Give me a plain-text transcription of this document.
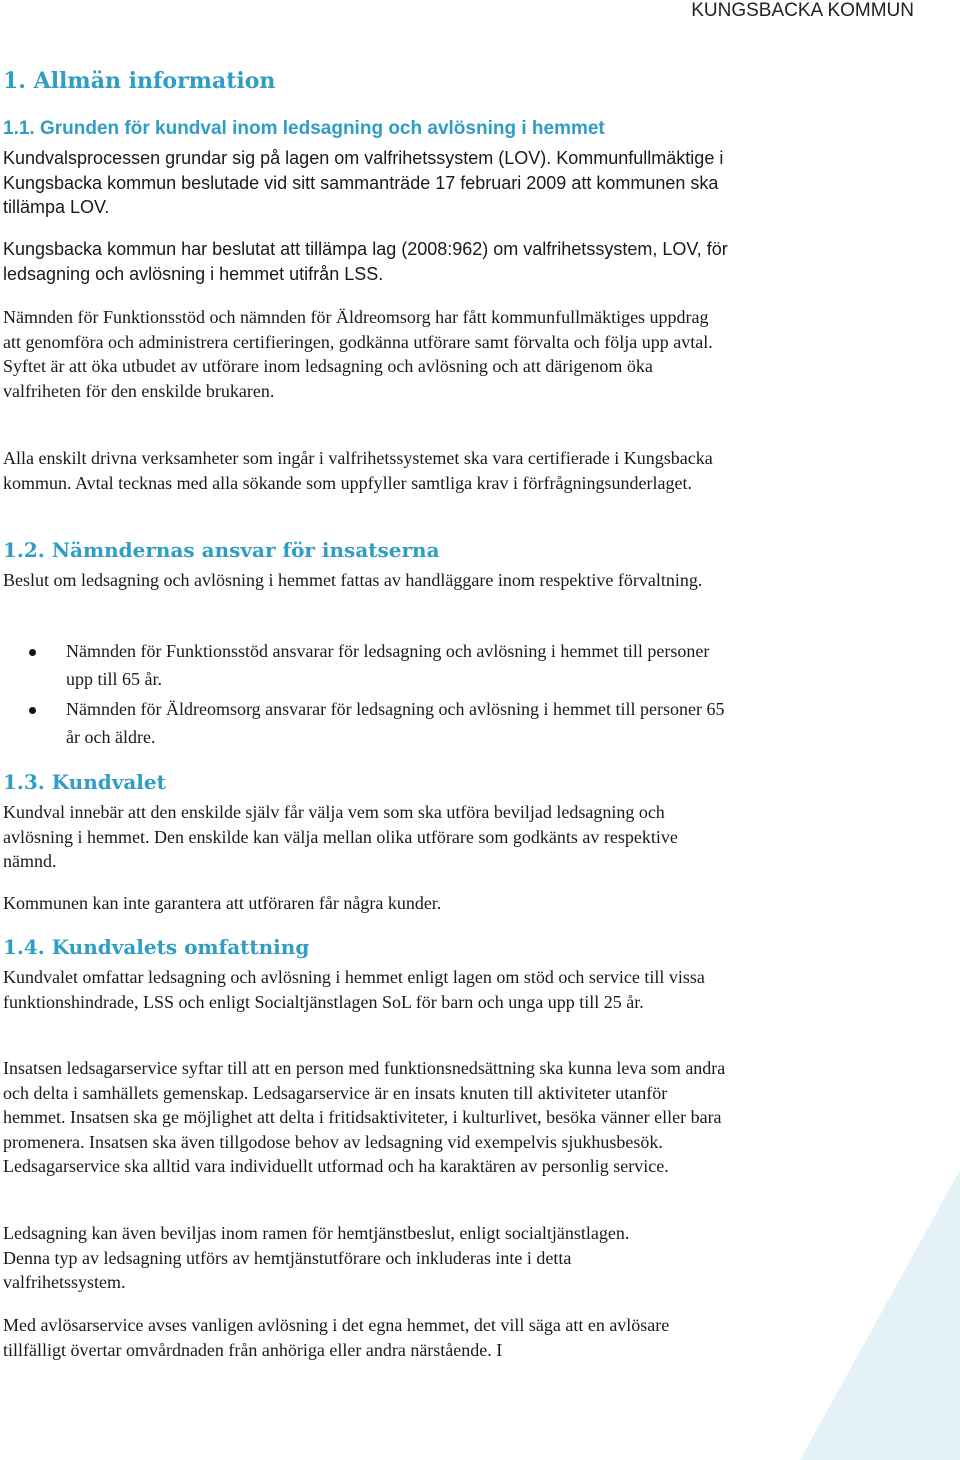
KUNGSBACKA KOMMUN
1. Allmän information
1.1. Grunden för kundval inom ledsagning och avlösning i hemmet

Kundvalsprocessen grundar sig på lagen om valfrihetssystem (LOV). Kommunfullmäktige i Kungsbacka kommun beslutade vid sitt sammanträde 17 februari 2009 att kommunen ska tillämpa LOV.

Kungsbacka kommun har beslutat att tillämpa lag (2008:962) om valfrihetssystem, LOV, för ledsagning och avlösning i hemmet utifrån LSS.

Nämnden för Funktionsstöd och nämnden för Äldreomsorg har fått kommunfullmäktiges uppdrag att genomföra och administrera certifieringen, godkänna utförare samt förvalta och följa upp avtal. Syftet är att öka utbudet av utförare inom ledsagning och avlösning och att därigenom öka valfriheten för den enskilde brukaren.

Alla enskilt drivna verksamheter som ingår i valfrihetssystemet ska vara certifierade i Kungsbacka kommun. Avtal tecknas med alla sökande som uppfyller samtliga krav i förfrågningsunderlaget.

1.2. Nämndernas ansvar för insatserna

Beslut om ledsagning och avlösning i hemmet fattas av handläggare inom respektive förvaltning.

Nämnden för Funktionsstöd ansvarar för ledsagning och avlösning i hemmet till personer upp till 65 år.
Nämnden för Äldreomsorg ansvarar för ledsagning och avlösning i hemmet till personer 65 år och äldre.
1.3. Kundvalet

Kundval innebär att den enskilde själv får välja vem som ska utföra beviljad ledsagning och avlösning i hemmet. Den enskilde kan välja mellan olika utförare som godkänts av respektive nämnd.

Kommunen kan inte garantera att utföraren får några kunder.

1.4. Kundvalets omfattning

Kundvalet omfattar ledsagning och avlösning i hemmet enligt lagen om stöd och service till vissa funktionshindrade, LSS och enligt Socialtjänstlagen SoL för barn och unga upp till 25 år.

Insatsen ledsagarservice syftar till att en person med funktionsnedsättning ska kunna leva som andra och delta i samhällets gemenskap. Ledsagarservice är en insats knuten till aktiviteter utanför hemmet. Insatsen ska ge möjlighet att delta i fritidsaktiviteter, i kulturlivet, besöka vänner eller bara promenera. Insatsen ska även tillgodose behov av ledsagning vid exempelvis sjukhusbesök. Ledsagarservice ska alltid vara individuellt utformad och ha karaktären av personlig service.

Ledsagning kan även beviljas inom ramen för hemtjänstbeslut, enligt socialtjänstlagen. Denna typ av ledsagning utförs av hemtjänstutförare och inkluderas inte i detta valfrihetssystem.

Med avlösarservice avses vanligen avlösning i det egna hemmet, det vill säga att en avlösare tillfälligt övertar omvårdnaden från anhöriga eller andra närstående. I
